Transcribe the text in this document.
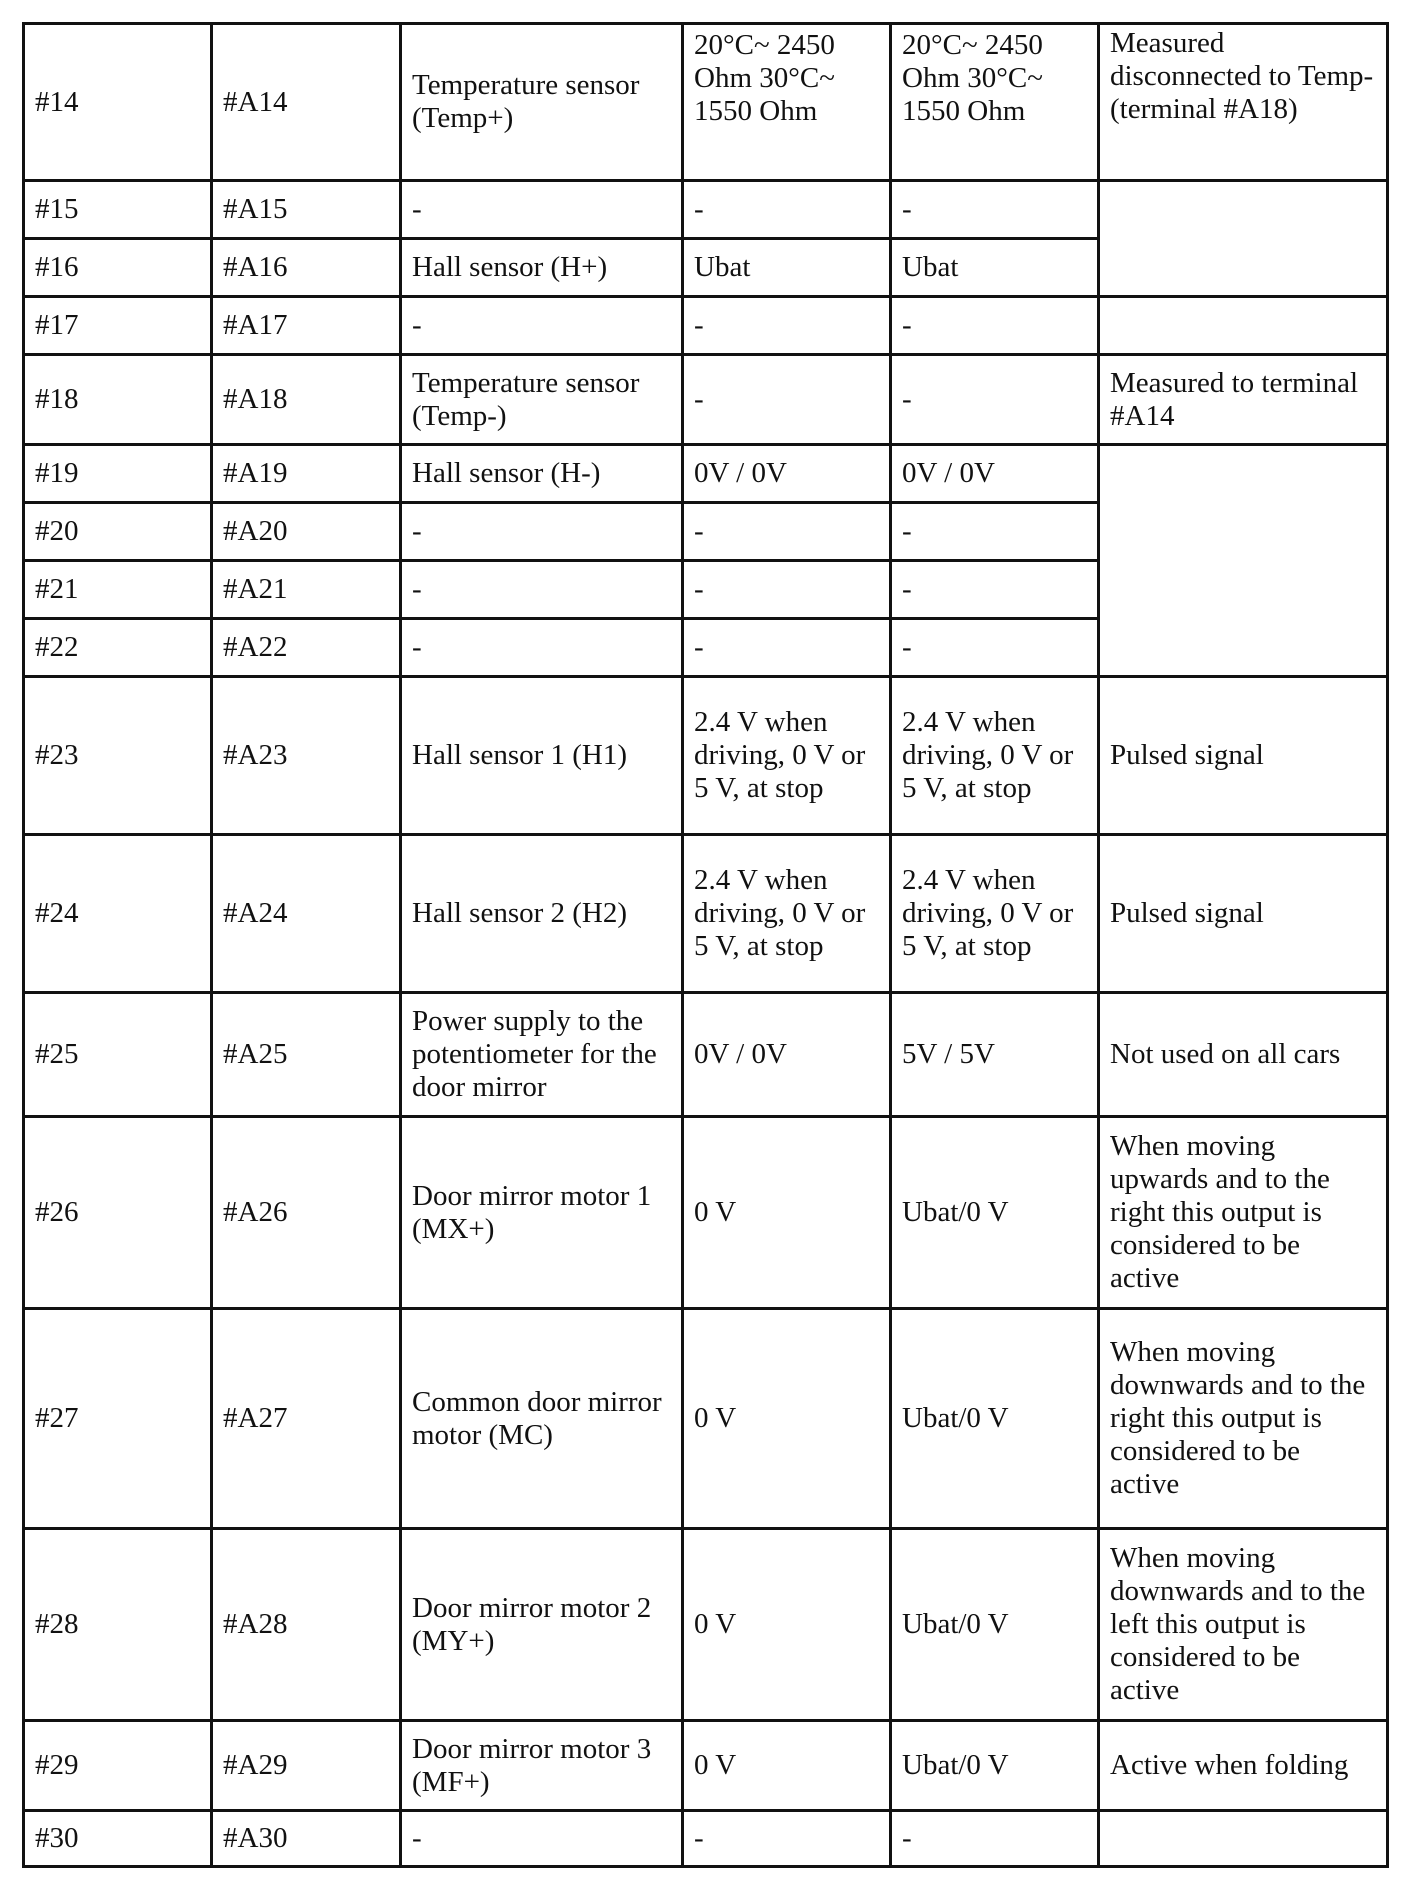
#14	#A14	Temperature sensor (Temp+)	20°C~ 2450 Ohm 30°C~ 1550 Ohm	20°C~ 2450 Ohm 30°C~ 1550 Ohm	Measured disconnected to Temp- (terminal #A18)
#15	#A15	-	-	-	
#16	#A16	Hall sensor (H+)	Ubat	Ubat	
#17	#A17	-	-	-	
#18	#A18	Temperature sensor (Temp-)	-	-	Measured to terminal #A14
#19	#A19	Hall sensor (H-)	0V / 0V	0V / 0V	
#20	#A20	-	-	-	
#21	#A21	-	-	-	
#22	#A22	-	-	-	
#23	#A23	Hall sensor 1 (H1)	2.4 V when driving, 0 V or 5 V, at stop	2.4 V when driving, 0 V or 5 V, at stop	Pulsed signal
#24	#A24	Hall sensor 2 (H2)	2.4 V when driving, 0 V or 5 V, at stop	2.4 V when driving, 0 V or 5 V, at stop	Pulsed signal
#25	#A25	Power supply to the potentiometer for the door mirror	0V / 0V	5V / 5V	Not used on all cars
#26	#A26	Door mirror motor 1 (MX+)	0 V	Ubat/0 V	When moving upwards and to the right this output is considered to be active
#27	#A27	Common door mirror motor (MC)	0 V	Ubat/0 V	When moving downwards and to the right this output is considered to be active
#28	#A28	Door mirror motor 2 (MY+)	0 V	Ubat/0 V	When moving downwards and to the left this output is considered to be active
#29	#A29	Door mirror motor 3 (MF+)	0 V	Ubat/0 V	Active when folding
#30	#A30	-	-	-	
